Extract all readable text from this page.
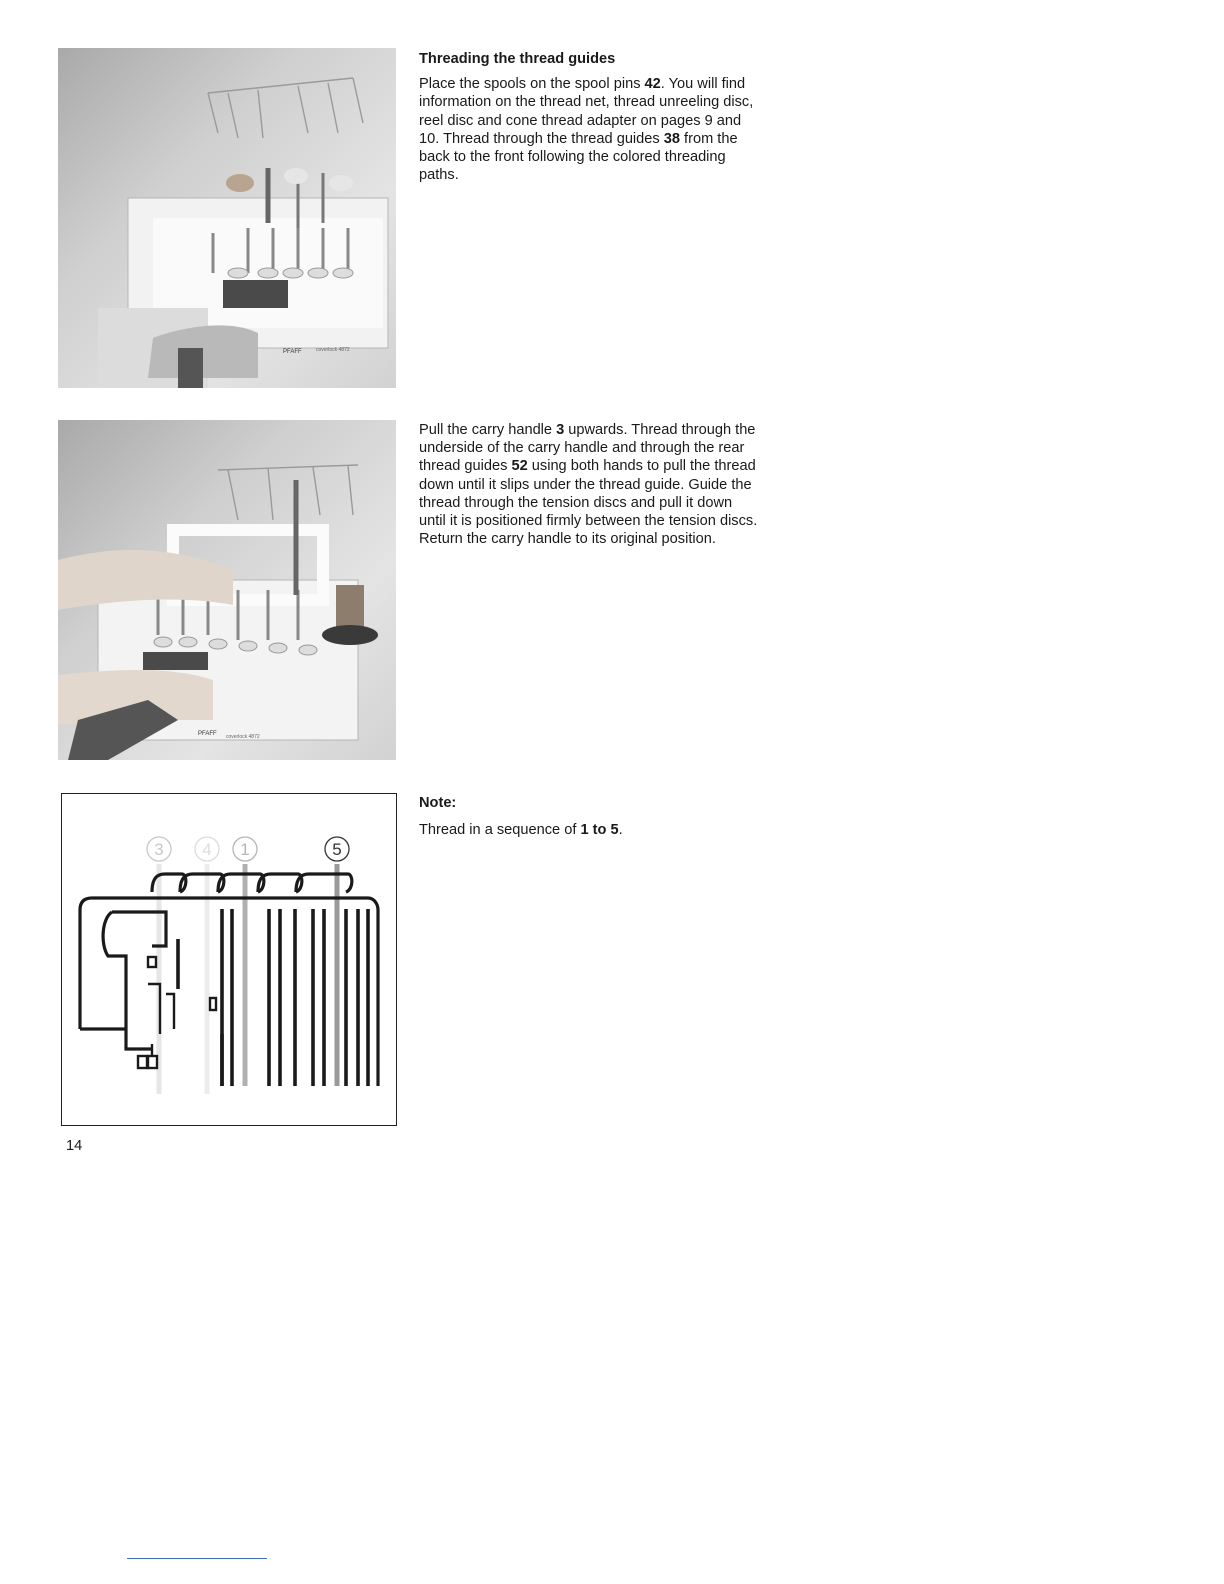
PFAFF	coverlock 4872
PFAFF coverlock 4872
3 4 1	5

Threading the thread guides

Place the spools on the spool pins 42. You will find information on the thread net, thread unreeling disc, reel disc and cone thread adapter on pages 9 and 10. Thread through the thread guides 38 from the back to the front following the colored threading paths.

Pull the carry handle 3 upwards. Thread through the underside of the carry handle and through the rear thread guides 52 using both hands to pull the thread down until it slips under the thread guide. Guide the thread through the tension discs and pull it down until it is positioned firmly between the tension discs. Return the carry handle to its original position.

Note:

Thread in a sequence of 1 to 5.

14
